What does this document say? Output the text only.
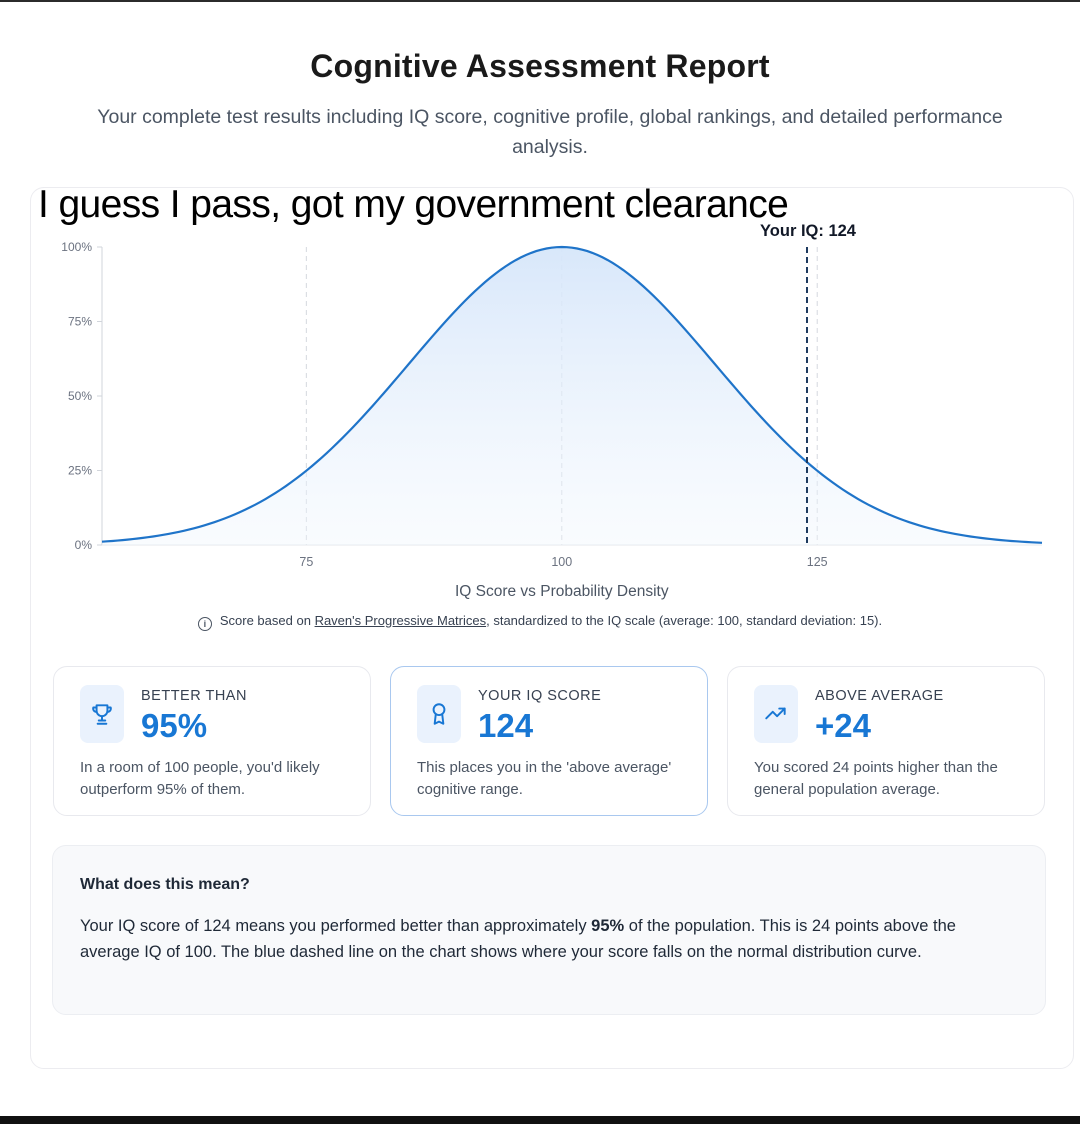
Cognitive Assessment Report
Your complete test results including IQ score, cognitive profile, global rankings, and detailed performance analysis.
75	100	125
0%
25%
50%
75%
100%
Your IQ: 124
IQ Score vs Probability Density
I guess I pass, got my government clearance
i Score based on Raven's Progressive Matrices, standardized to the IQ scale (average: 100, standard deviation: 15).
BETTER THAN
95%
In a room of 100 people, you'd likely outperform 95% of them.
YOUR IQ SCORE
124
This places you in the 'above average' cognitive range.
ABOVE AVERAGE
+24
You scored 24 points higher than the general population average.
What does this mean?
Your IQ score of 124 means you performed better than approximately 95% of the population. This is 24 points above the average IQ of 100. The blue dashed line on the chart shows where your score falls on the normal distribution curve.
